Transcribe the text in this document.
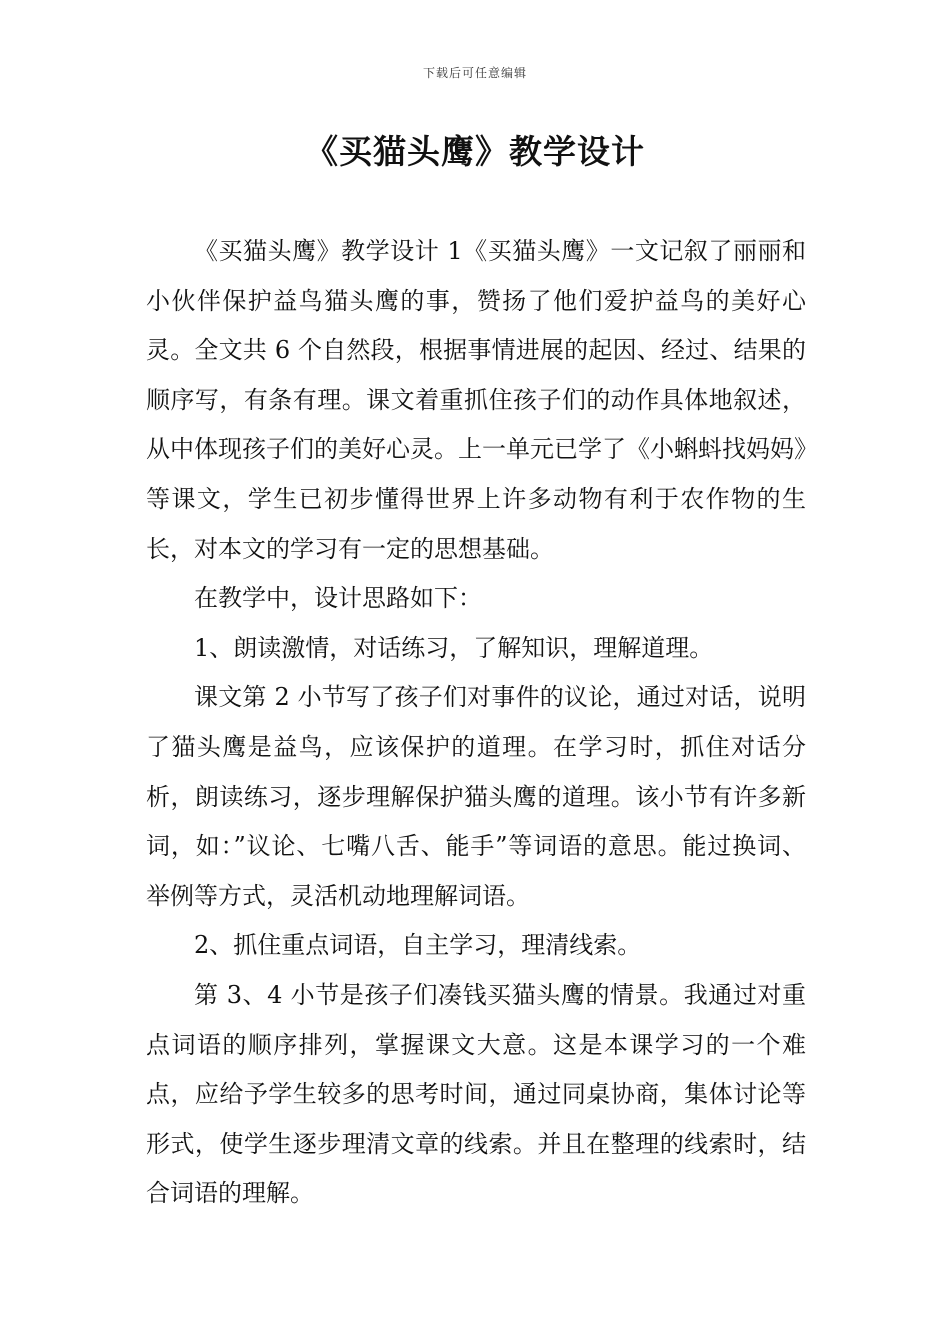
下载后可任意编辑
《买猫头鹰》教学设计

《买猫头鹰》教学设计 1《买猫头鹰》一文记叙了丽丽和小伙伴保护益鸟猫头鹰的事，赞扬了他们爱护益鸟的美好心灵。全文共 6 个自然段，根据事情进展的起因、经过、结果的顺序写，有条有理。课文着重抓住孩子们的动作具体地叙述，从中体现孩子们的美好心灵。上一单元已学了《小蝌蚪找妈妈》等课文，学生已初步懂得世界上许多动物有利于农作物的生长，对本文的学习有一定的思想基础。

在教学中，设计思路如下：

1、朗读激情，对话练习，了解知识，理解道理。

课文第 2 小节写了孩子们对事件的议论，通过对话，说明了猫头鹰是益鸟，应该保护的道理。在学习时，抓住对话分析，朗读练习，逐步理解保护猫头鹰的道理。该小节有许多新词，如：”议论、七嘴八舌、能手”等词语的意思。能过换词、举例等方式，灵活机动地理解词语。

2、抓住重点词语，自主学习，理清线索。

第 3、4 小节是孩子们凑钱买猫头鹰的情景。我通过对重点词语的顺序排列，掌握课文大意。这是本课学习的一个难点，应给予学生较多的思考时间，通过同桌协商，集体讨论等形式，使学生逐步理清文章的线索。并且在整理的线索时，结合词语的理解。
